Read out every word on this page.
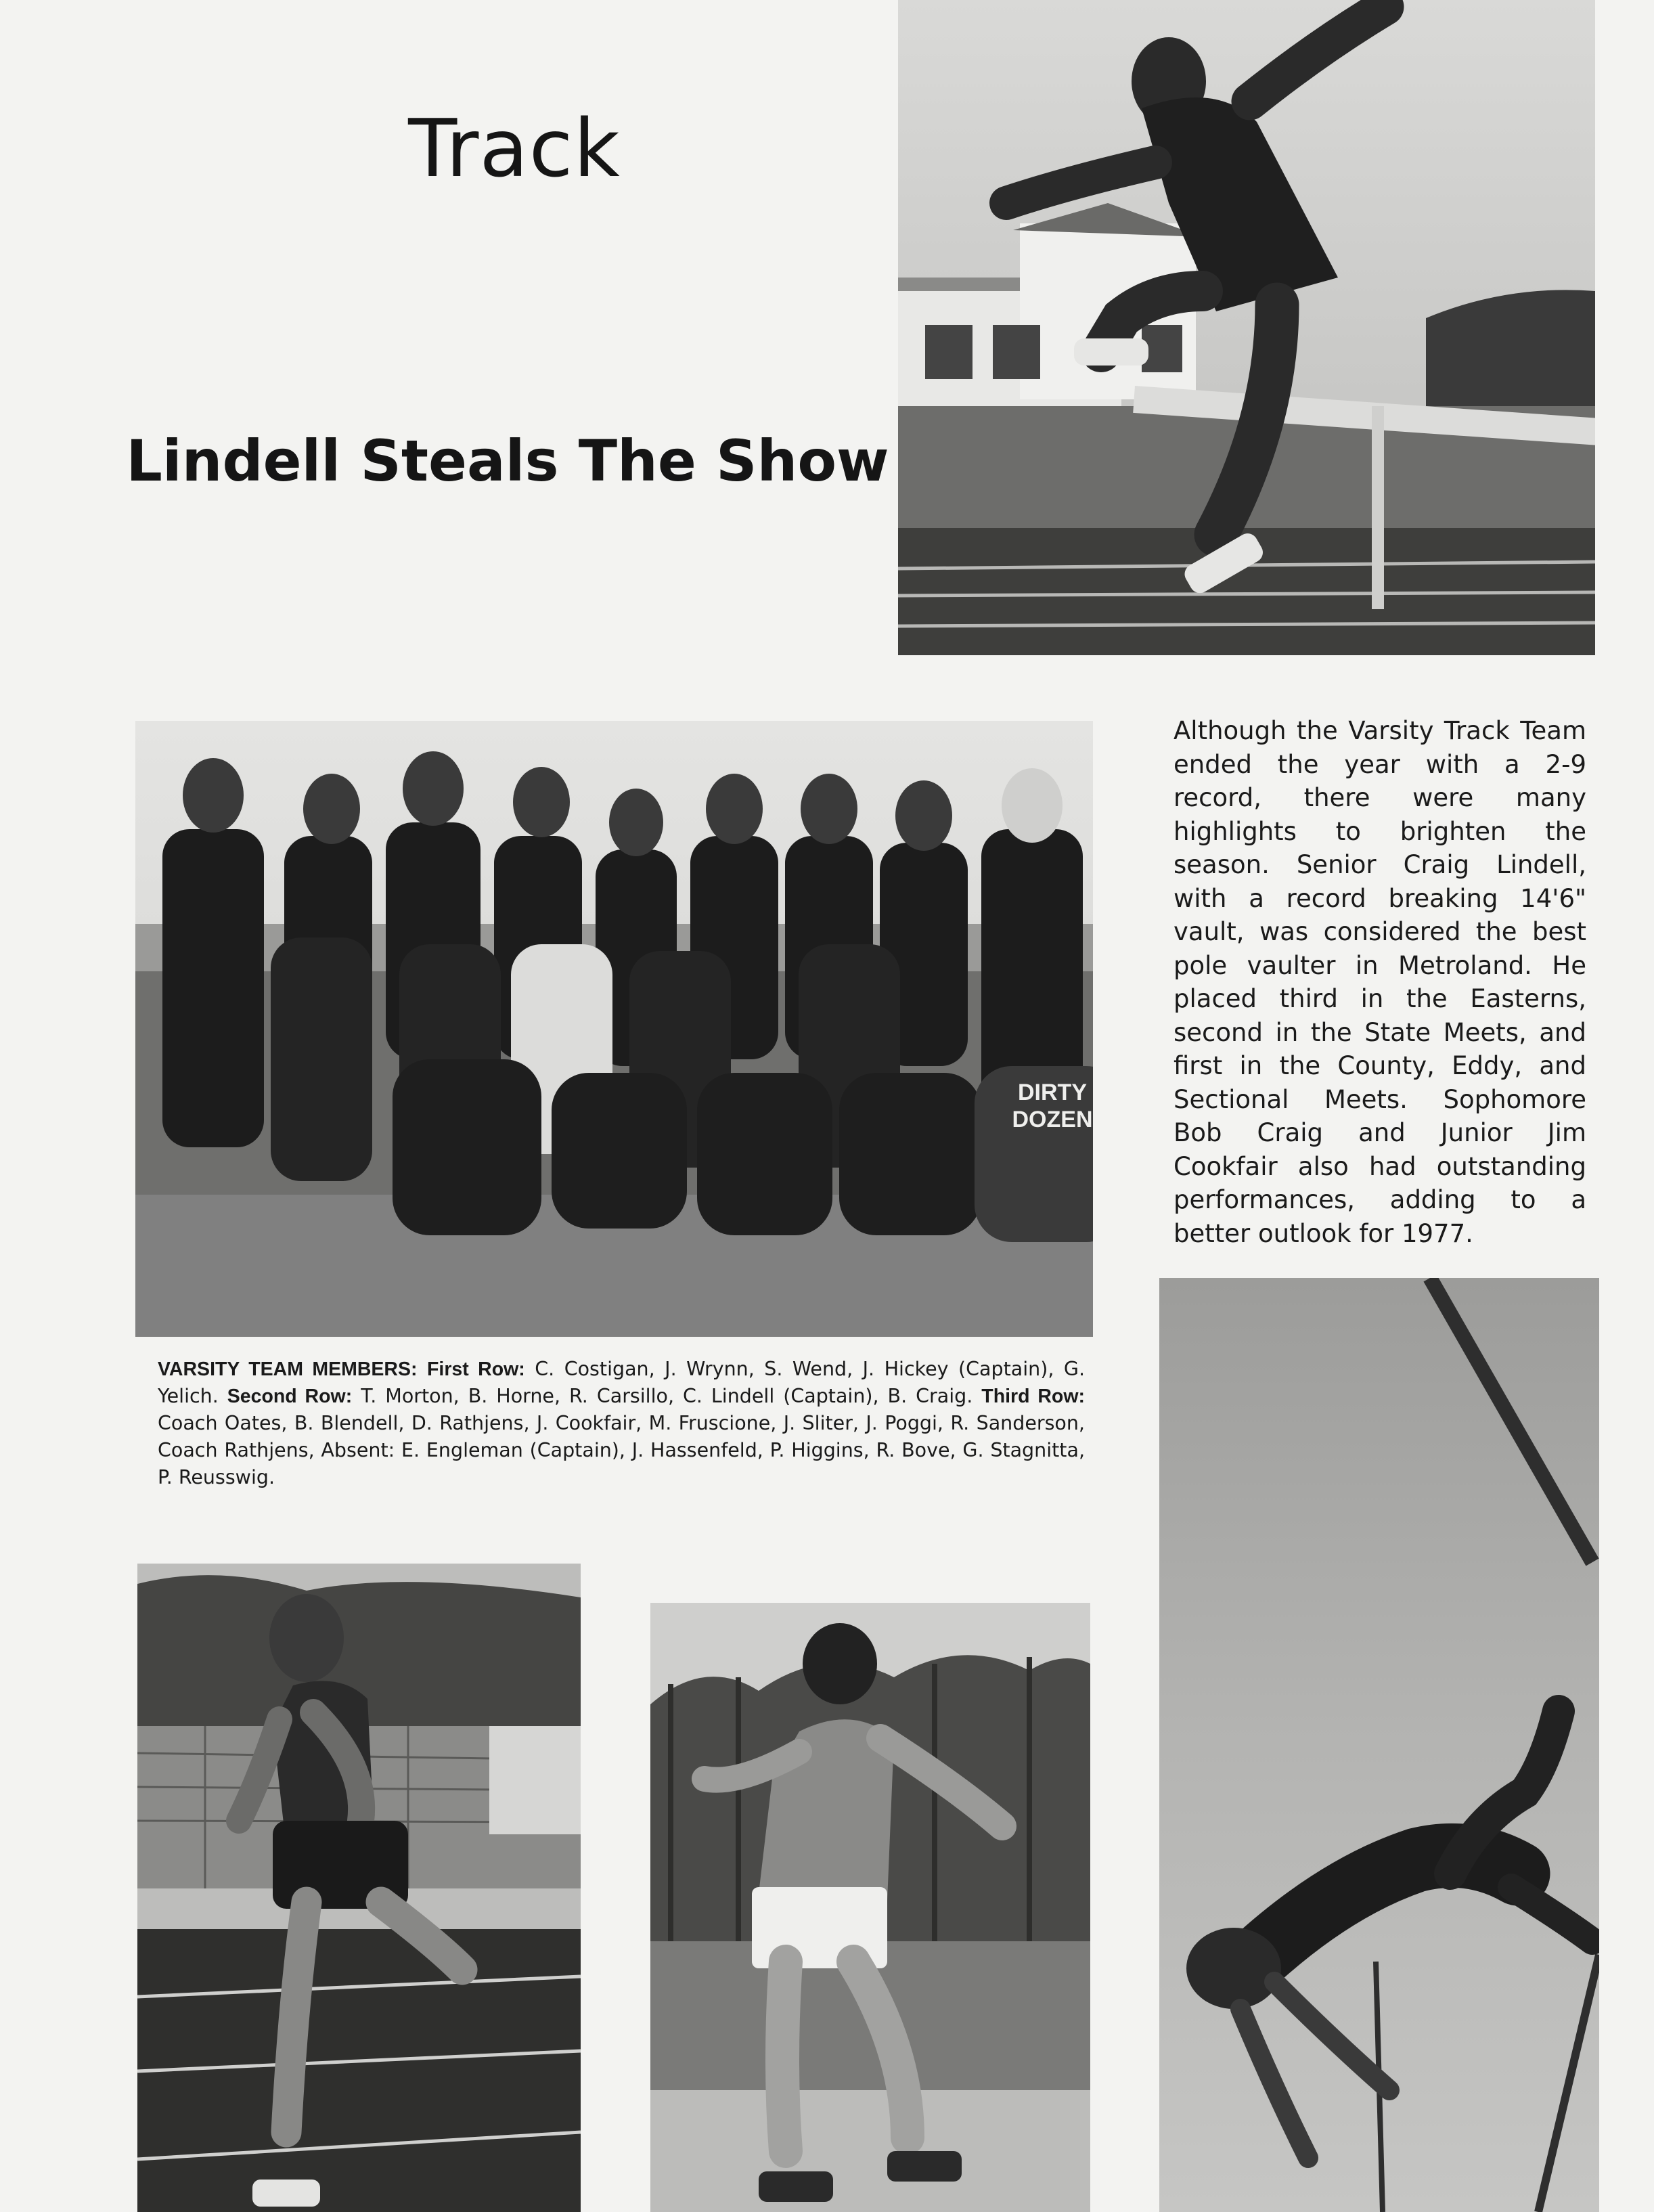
Track
Lindell Steals The Show
DIRTY
DOZEN
Although the Varsity Track Team ended the year with a 2-9 record, there were many highlights to brighten the season. Senior Craig Lindell, with a record breaking 14'6" vault, was considered the best pole vaulter in Metroland. He placed third in the Easterns, second in the State Meets, and first in the County, Eddy, and Sectional Meets. Sophomore Bob Craig and Junior Jim Cookfair also had outstanding performances, adding to a better outlook for 1977.
VARSITY TEAM MEMBERS: First Row: C. Costigan, J. Wrynn, S. Wend, J. Hickey (Captain), G. Yelich. Second Row: T. Morton, B. Horne, R. Carsillo, C. Lindell (Captain), B. Craig. Third Row: Coach Oates, B. Blendell, D. Rathjens, J. Cookfair, M. Fruscione, J. Sliter, J. Poggi, R. Sanderson, Coach Rathjens, Absent: E. Engleman (Captain), J. Hassenfeld, P. Higgins, R. Bove, G. Stagnitta, P. Reusswig.
